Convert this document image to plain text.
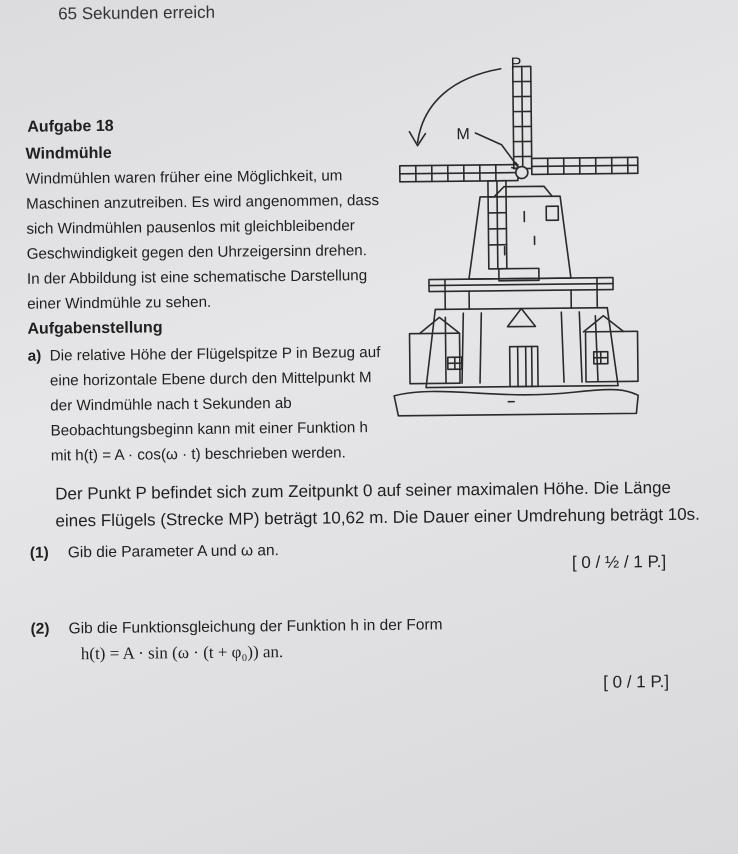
65 Sekunden erreich
Aufgabe 18
Windmühle
Windmühlen waren früher eine Möglichkeit, um
Maschinen anzutreiben. Es wird angenommen, dass
sich Windmühlen pausenlos mit gleichbleibender
Geschwindigkeit gegen den Uhrzeigersinn drehen.
In der Abbildung ist eine schematische Darstellung
einer Windmühle zu sehen.
Aufgabenstellung
a) Die relative Höhe der Flügelspitze P in Bezug auf
eine horizontale Ebene durch den Mittelpunkt M
der Windmühle nach t Sekunden ab
Beobachtungsbeginn kann mit einer Funktion h
mit h(t) = A · cos(ω · t) beschrieben werden.
Der Punkt P befindet sich zum Zeitpunkt 0 auf seiner maximalen Höhe. Die Länge
eines Flügels (Strecke MP) beträgt 10,62 m. Die Dauer einer Umdrehung beträgt 10s.
(1) Gib die Parameter A und ω an.
[ 0 / ½ / 1 P.]
(2) Gib die Funktionsgleichung der Funktion h in der Form
h(t) = A · sin (ω · (t + φ₀)) an.
[ 0 / 1 P.]
P
M
